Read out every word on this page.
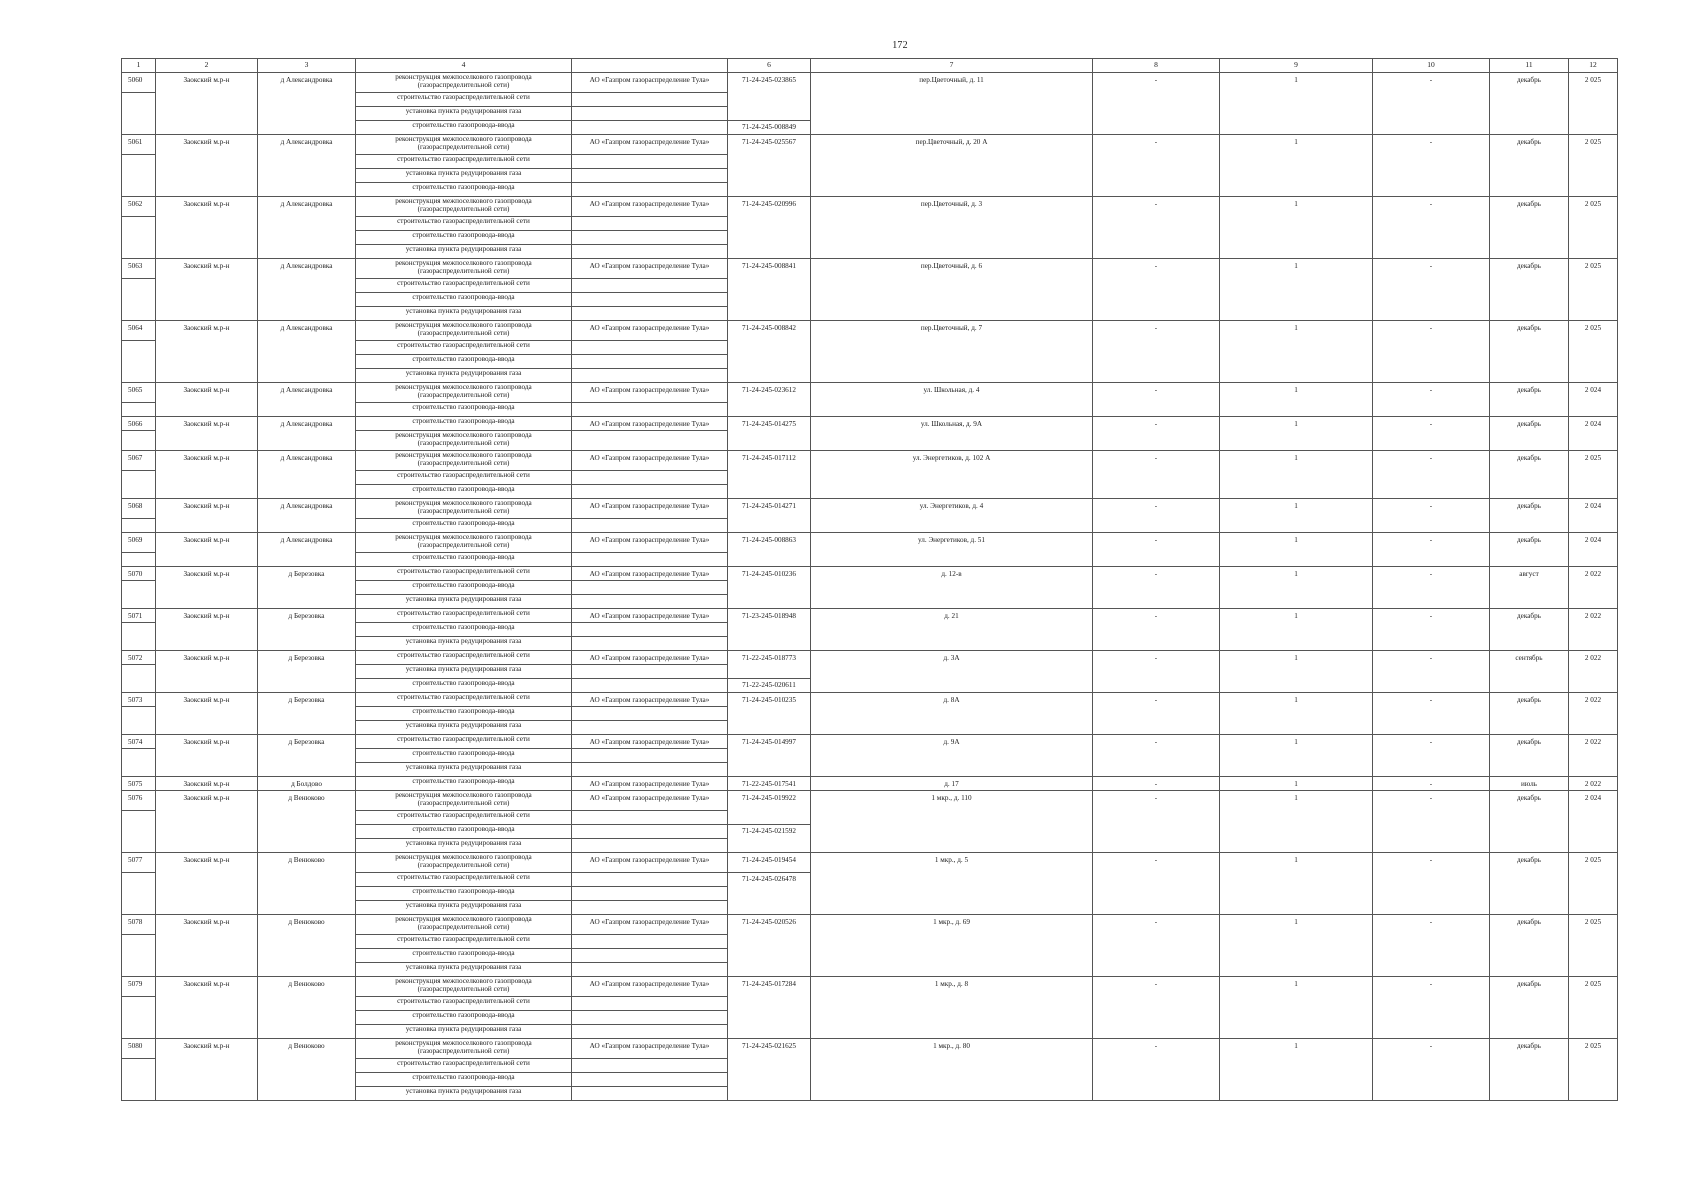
172
1	2	3	4		6	7	8	9	10	11	12
5060	Заокский м.р-н	д Александровка	реконструкция межпоселкового газопровода (газораспределительной сети)	АО «Газпром газораспределение Тула»	71-24-245-023865	пер.Цветочный, д. 11	-	1	-	декабрь	2 025
			строительство газораспределительной сети								
			установка пункта редуцирования газа								
			строительство газопровода-ввода		71-24-245-008849						
5061	Заокский м.р-н	д Александровка	реконструкция межпоселкового газопровода (газораспределительной сети)	АО «Газпром газораспределение Тула»	71-24-245-025567	пер.Цветочный, д. 20 А	-	1	-	декабрь	2 025
			строительство газораспределительной сети								
			установка пункта редуцирования газа								
			строительство газопровода-ввода								
5062	Заокский м.р-н	д Александровка	реконструкция межпоселкового газопровода (газораспределительной сети)	АО «Газпром газораспределение Тула»	71-24-245-020996	пер.Цветочный, д. 3	-	1	-	декабрь	2 025
			строительство газораспределительной сети								
			строительство газопровода-ввода								
			установка пункта редуцирования газа								
5063	Заокский м.р-н	д Александровка	реконструкция межпоселкового газопровода (газораспределительной сети)	АО «Газпром газораспределение Тула»	71-24-245-008841	пер.Цветочный, д. 6	-	1	-	декабрь	2 025
			строительство газораспределительной сети								
			строительство газопровода-ввода								
			установка пункта редуцирования газа								
5064	Заокский м.р-н	д Александровка	реконструкция межпоселкового газопровода (газораспределительной сети)	АО «Газпром газораспределение Тула»	71-24-245-008842	пер.Цветочный, д. 7	-	1	-	декабрь	2 025
			строительство газораспределительной сети								
			строительство газопровода-ввода								
			установка пункта редуцирования газа								
5065	Заокский м.р-н	д Александровка	реконструкция межпоселкового газопровода (газораспределительной сети)	АО «Газпром газораспределение Тула»	71-24-245-023612	ул. Школьная, д. 4	-	1	-	декабрь	2 024
			строительство газопровода-ввода								
5066	Заокский м.р-н	д Александровка	строительство газопровода-ввода	АО «Газпром газораспределение Тула»	71-24-245-014275	ул. Школьная, д. 9А	-	1	-	декабрь	2 024
			реконструкция межпоселкового газопровода (газораспределительной сети)								
5067	Заокский м.р-н	д Александровка	реконструкция межпоселкового газопровода (газораспределительной сети)	АО «Газпром газораспределение Тула»	71-24-245-017112	ул. Энергетиков, д. 102 А	-	1	-	декабрь	2 025
			строительство газораспределительной сети								
			строительство газопровода-ввода								
5068	Заокский м.р-н	д Александровка	реконструкция межпоселкового газопровода (газораспределительной сети)	АО «Газпром газораспределение Тула»	71-24-245-014271	ул. Энергетиков, д. 4	-	1	-	декабрь	2 024
			строительство газопровода-ввода								
5069	Заокский м.р-н	д Александровка	реконструкция межпоселкового газопровода (газораспределительной сети)	АО «Газпром газораспределение Тула»	71-24-245-008863	ул. Энергетиков, д. 51	-	1	-	декабрь	2 024
			строительство газопровода-ввода								
5070	Заокский м.р-н	д Березовка	строительство газораспределительной сети	АО «Газпром газораспределение Тула»	71-24-245-010236	д. 12-в	-	1	-	август	2 022
			строительство газопровода-ввода								
			установка пункта редуцирования газа								
5071	Заокский м.р-н	д Березовка	строительство газораспределительной сети	АО «Газпром газораспределение Тула»	71-23-245-018948	д. 21	-	1	-	декабрь	2 022
			строительство газопровода-ввода								
			установка пункта редуцирования газа								
5072	Заокский м.р-н	д Березовка	строительство газораспределительной сети	АО «Газпром газораспределение Тула»	71-22-245-018773	д. 3А	-	1	-	сентябрь	2 022
			установка пункта редуцирования газа								
			строительство газопровода-ввода		71-22-245-020611						
5073	Заокский м.р-н	д Березовка	строительство газораспределительной сети	АО «Газпром газораспределение Тула»	71-24-245-010235	д. 8А	-	1	-	декабрь	2 022
			строительство газопровода-ввода								
			установка пункта редуцирования газа								
5074	Заокский м.р-н	д Березовка	строительство газораспределительной сети	АО «Газпром газораспределение Тула»	71-24-245-014997	д. 9А	-	1	-	декабрь	2 022
			строительство газопровода-ввода								
			установка пункта редуцирования газа								
5075	Заокский м.р-н	д Болдово	строительство газопровода-ввода	АО «Газпром газораспределение Тула»	71-22-245-017541	д. 17	-	1	-	июль	2 022
5076	Заокский м.р-н	д Венюково	реконструкция межпоселкового газопровода (газораспределительной сети)	АО «Газпром газораспределение Тула»	71-24-245-019922	1 мкр., д. 110	-	1	-	декабрь	2 024
			строительство газораспределительной сети								
			строительство газопровода-ввода		71-24-245-021592						
			установка пункта редуцирования газа								
5077	Заокский м.р-н	д Венюково	реконструкция межпоселкового газопровода (газораспределительной сети)	АО «Газпром газораспределение Тула»	71-24-245-019454	1 мкр., д. 5	-	1	-	декабрь	2 025
			строительство газораспределительной сети		71-24-245-026478						
			строительство газопровода-ввода								
			установка пункта редуцирования газа								
5078	Заокский м.р-н	д Венюково	реконструкция межпоселкового газопровода (газораспределительной сети)	АО «Газпром газораспределение Тула»	71-24-245-020526	1 мкр., д. 69	-	1	-	декабрь	2 025
			строительство газораспределительной сети								
			строительство газопровода-ввода								
			установка пункта редуцирования газа								
5079	Заокский м.р-н	д Венюково	реконструкция межпоселкового газопровода (газораспределительной сети)	АО «Газпром газораспределение Тула»	71-24-245-017284	1 мкр., д. 8	-	1	-	декабрь	2 025
			строительство газораспределительной сети								
			строительство газопровода-ввода								
			установка пункта редуцирования газа								
5080	Заокский м.р-н	д Венюково	реконструкция межпоселкового газопровода (газораспределительной сети)	АО «Газпром газораспределение Тула»	71-24-245-021625	1 мкр., д. 80	-	1	-	декабрь	2 025
			строительство газораспределительной сети								
			строительство газопровода-ввода								
			установка пункта редуцирования газа								
